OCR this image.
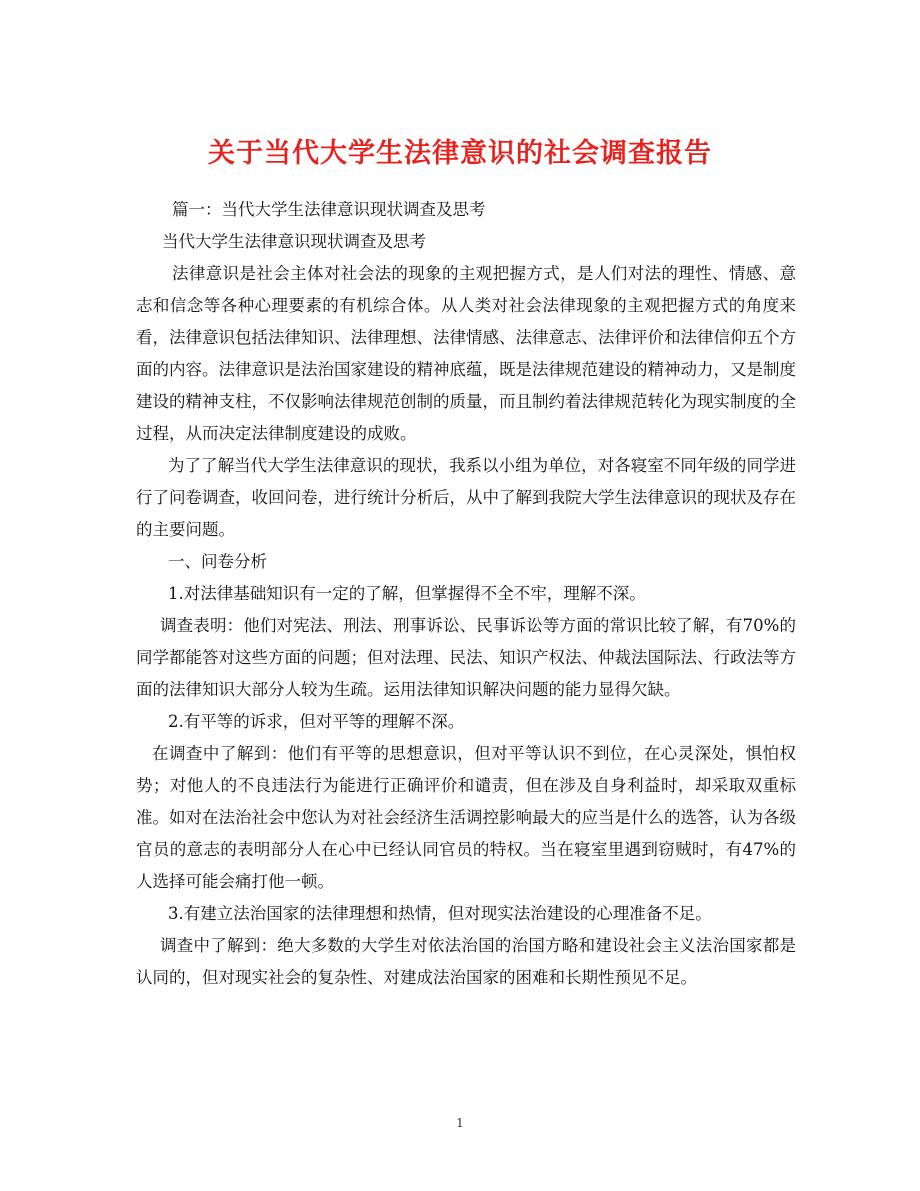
关于当代大学生法律意识的社会调查报告

篇一：当代大学生法律意识现状调查及思考

当代大学生法律意识现状调查及思考

法律意识是社会主体对社会法的现象的主观把握方式，是人们对法的理性、情感、意志和信念等各种心理要素的有机综合体。从人类对社会法律现象的主观把握方式的角度来看，法律意识包括法律知识、法律理想、法律情感、法律意志、法律评价和法律信仰五个方面的内容。法律意识是法治国家建设的精神底蕴，既是法律规范建设的精神动力，又是制度建设的精神支柱，不仅影响法律规范创制的质量，而且制约着法律规范转化为现实制度的全过程，从而决定法律制度建设的成败。

为了了解当代大学生法律意识的现状，我系以小组为单位，对各寝室不同年级的同学进行了问卷调查，收回问卷，进行统计分析后，从中了解到我院大学生法律意识的现状及存在的主要问题。

一、问卷分析

1.对法律基础知识有一定的了解，但掌握得不全不牢，理解不深。

调查表明：他们对宪法、刑法、刑事诉讼、民事诉讼等方面的常识比较了解，有70%的同学都能答对这些方面的问题；但对法理、民法、知识产权法、仲裁法国际法、行政法等方面的法律知识大部分人较为生疏。运用法律知识解决问题的能力显得欠缺。

2.有平等的诉求，但对平等的理解不深。

在调查中了解到：他们有平等的思想意识，但对平等认识不到位，在心灵深处，惧怕权势；对他人的不良违法行为能进行正确评价和谴责，但在涉及自身利益时，却采取双重标准。如对在法治社会中您认为对社会经济生活调控影响最大的应当是什么的选答，认为各级官员的意志的表明部分人在心中已经认同官员的特权。当在寝室里遇到窃贼时，有47%的人选择可能会痛打他一顿。

3.有建立法治国家的法律理想和热情，但对现实法治建设的心理准备不足。

调查中了解到：绝大多数的大学生对依法治国的治国方略和建设社会主义法治国家都是认同的，但对现实社会的复杂性、对建成法治国家的困难和长期性预见不足。

1
